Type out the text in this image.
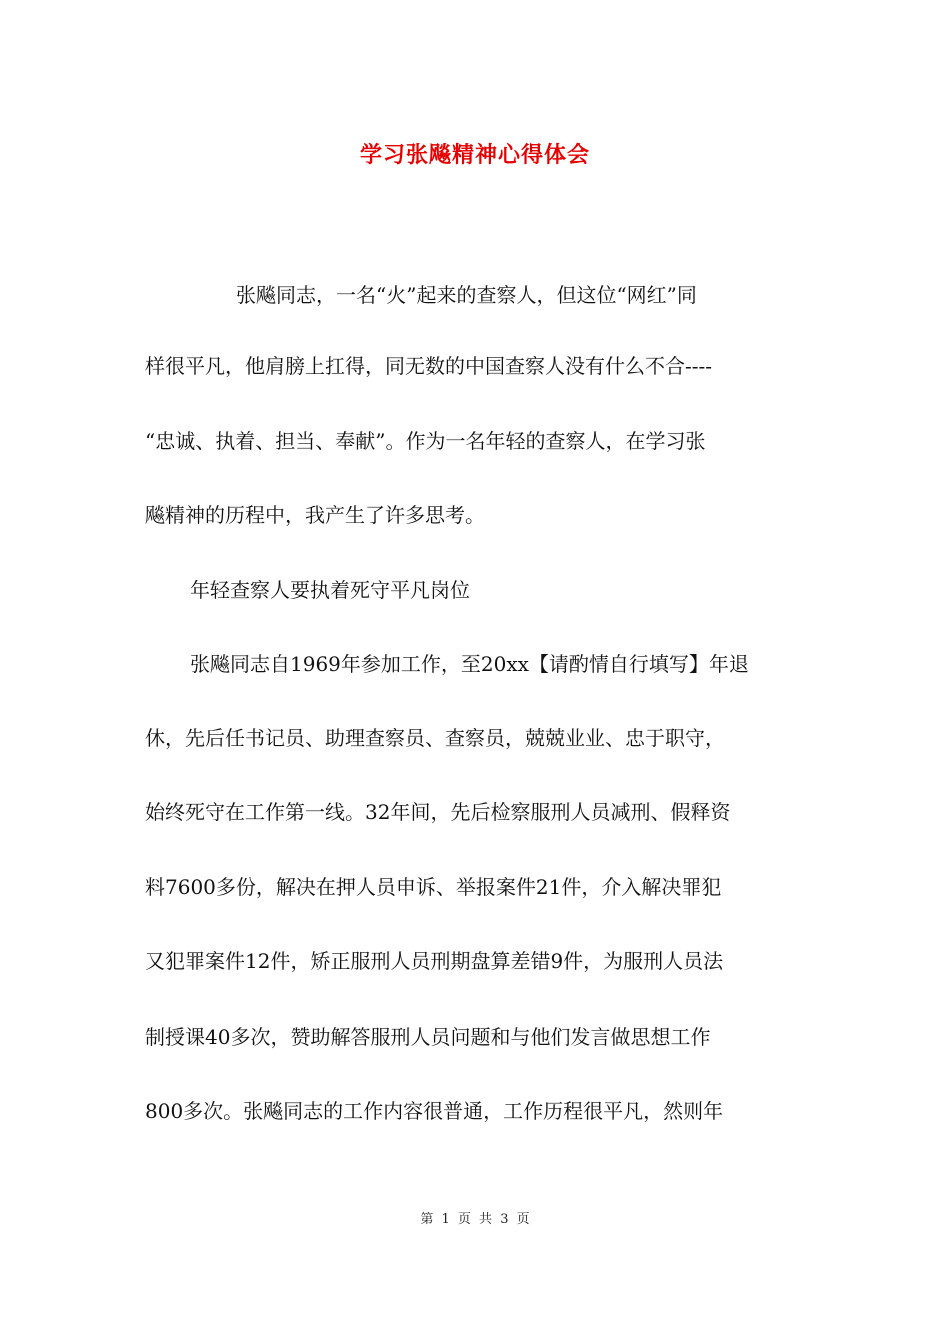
学习张飚精神心得体会
张飚同志，一名“火”起来的查察人，但这位“网红”同
样很平凡，他肩膀上扛得，同无数的中国查察人没有什么不合----
“忠诚、执着、担当、奉献”。作为一名年轻的查察人，在学习张
飚精神的历程中，我产生了许多思考。
年轻查察人要执着死守平凡岗位
张飚同志自1969年参加工作，至20xx【请酌情自行填写】年退
休，先后任书记员、助理查察员、查察员，兢兢业业、忠于职守，
始终死守在工作第一线。32年间，先后检察服刑人员减刑、假释资
料7600多份，解决在押人员申诉、举报案件21件，介入解决罪犯
又犯罪案件12件，矫正服刑人员刑期盘算差错9件，为服刑人员法
制授课40多次，赞助解答服刑人员问题和与他们发言做思想工作
800多次。张飚同志的工作内容很普通，工作历程很平凡，然则年
第 1 页 共 3 页
